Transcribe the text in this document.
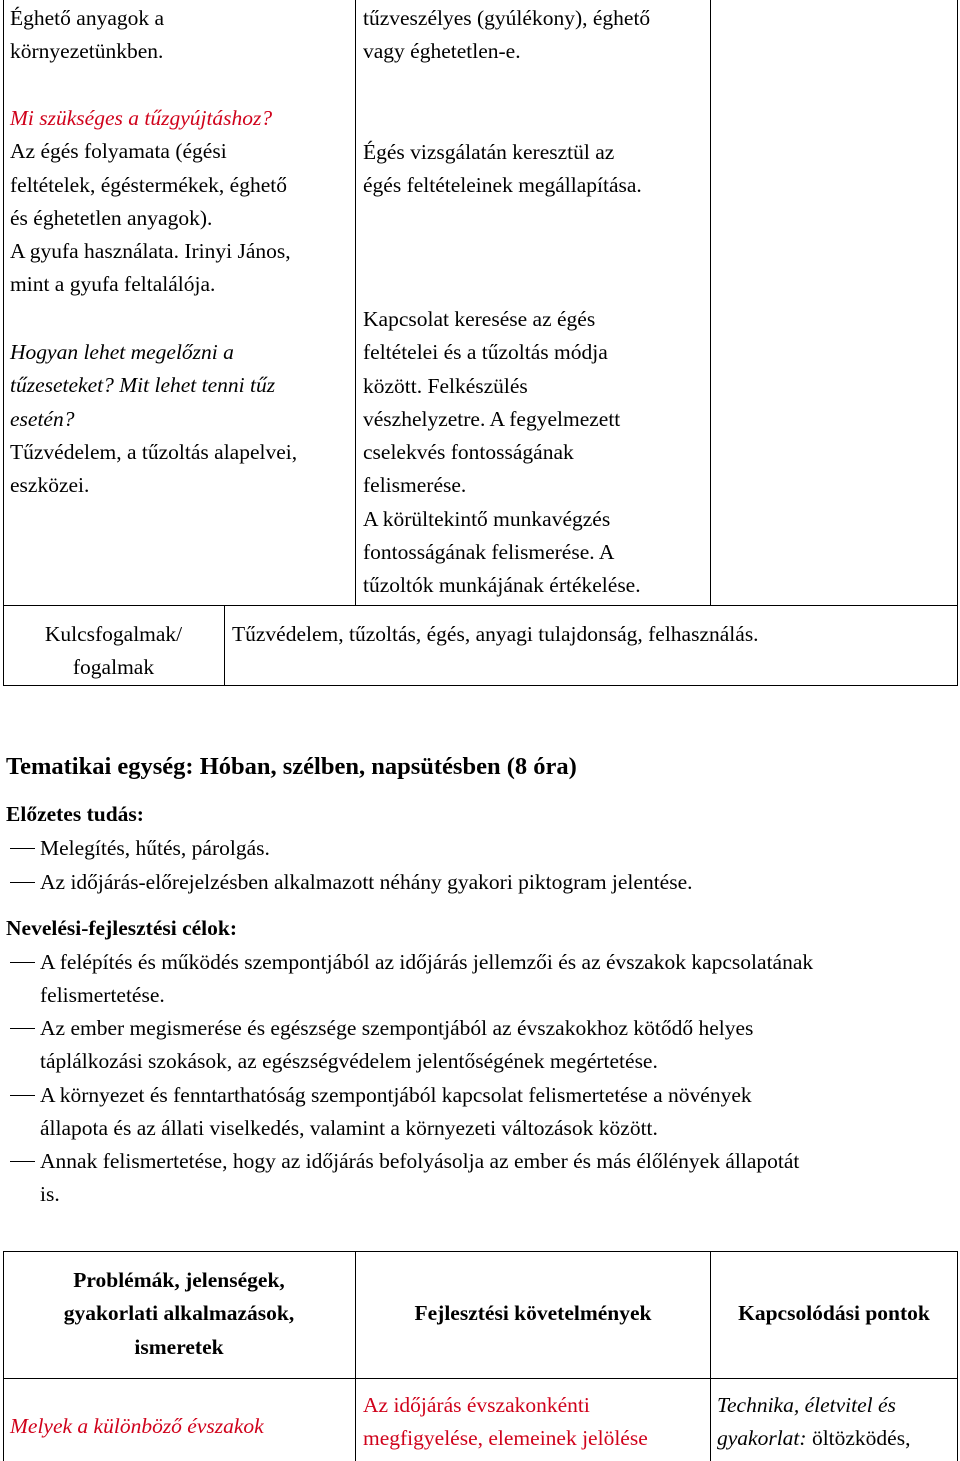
Éghető anyagok a
környezetünkben.
Mi szükséges a tűzgyújtáshoz?
Az égés folyamata (égési
feltételek, égéstermékek, éghető
és éghetetlen anyagok).
A gyufa használata. Irinyi János,
mint a gyufa feltalálója.
Hogyan lehet megelőzni a
tűzeseteket? Mit lehet tenni tűz
esetén?
Tűzvédelem, a tűzoltás alapelvei,
eszközei.
tűzveszélyes (gyúlékony), éghető
vagy éghetetlen-e.
Égés vizsgálatán keresztül az
égés feltételeinek megállapítása.
Kapcsolat keresése az égés
feltételei és a tűzoltás módja
között. Felkészülés
vészhelyzetre. A fegyelmezett
cselekvés fontosságának
felismerése.
A körültekintő munkavégzés
fontosságának felismerése. A
tűzoltók munkájának értékelése.
Kulcsfogalmak/
fogalmak
Tűzvédelem, tűzoltás, égés, anyagi tulajdonság, felhasználás.
Tematikai egység: Hóban, szélben, napsütésben (8 óra)
Előzetes tudás:
Melegítés, hűtés, párolgás.
Az időjárás-előrejelzésben alkalmazott néhány gyakori piktogram jelentése.
Nevelési-fejlesztési célok:
A felépítés és működés szempontjából az időjárás jellemzői és az évszakok kapcsolatának
felismertetése.
Az ember megismerése és egészsége szempontjából az évszakokhoz kötődő helyes
táplálkozási szokások, az egészségvédelem jelentőségének megértetése.
A környezet és fenntarthatóság szempontjából kapcsolat felismertetése a növények
állapota és az állati viselkedés, valamint a környezeti változások között.
Annak felismertetése, hogy az időjárás befolyásolja az ember és más élőlények állapotát
is.
Problémák, jelenségek,
gyakorlati alkalmazások,
ismeretek
Fejlesztési követelmények	Kapcsolódási pontok
Melyek a különböző évszakok
Az időjárás évszakonkénti
megfigyelése, elemeinek jelölése
Technika, életvitel és
gyakorlat: öltözködés,
